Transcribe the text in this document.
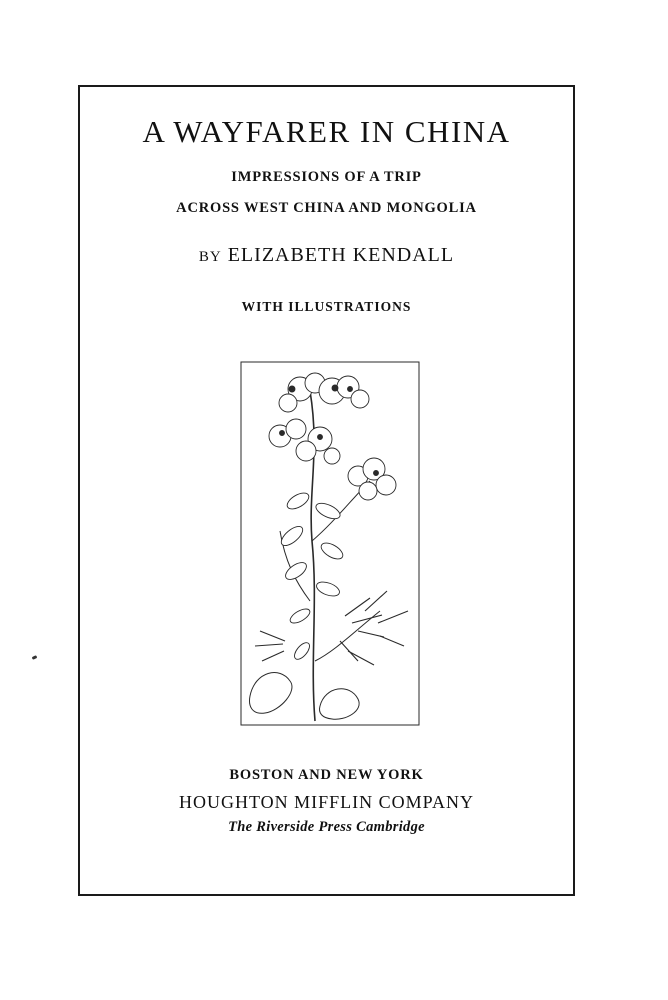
A WAYFARER IN CHINA
IMPRESSIONS OF A TRIP
ACROSS WEST CHINA AND MONGOLIA
BY ELIZABETH KENDALL
WITH ILLUSTRATIONS
BOSTON AND NEW YORK
HOUGHTON MIFFLIN COMPANY
The Riverside Press Cambridge
